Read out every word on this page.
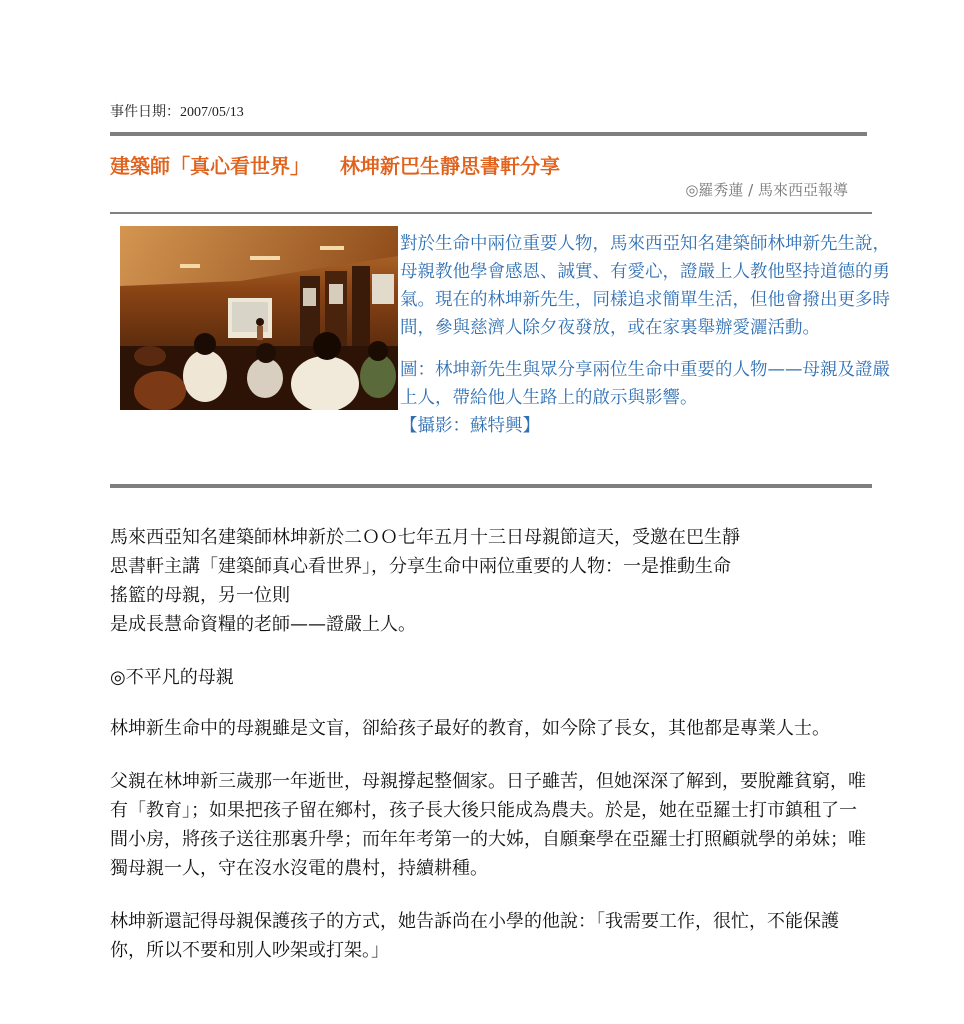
事件日期：2007/05/13
建築師「真心看世界」 林坤新巴生靜思書軒分享
◎羅秀蓮 / 馬來西亞報導

對於生命中兩位重要人物，馬來西亞知名建築師林坤新先生說，母親教他學會感恩、誠實、有愛心，證嚴上人教他堅持道德的勇氣。現在的林坤新先生，同樣追求簡單生活，但他會撥出更多時間，參與慈濟人除夕夜發放，或在家裏舉辦愛灑活動。

圖：林坤新先生與眾分享兩位生命中重要的人物——母親及證嚴上人，帶給他人生路上的啟示與影響。

【攝影：蘇特興】

馬來西亞知名建築師林坤新於二ＯＯ七年五月十三日母親節這天，受邀在巴生靜
思書軒主講「建築師真心看世界」，分享生命中兩位重要的人物：一是推動生命
搖籃的母親，另一位則
是成長慧命資糧的老師——證嚴上人。

◎不平凡的母親

林坤新生命中的母親雖是文盲，卻給孩子最好的教育，如今除了長女，其他都是專業人士。

父親在林坤新三歲那一年逝世，母親撐起整個家。日子雖苦，但她深深了解到，要脫離貧窮，唯有「教育」；如果把孩子留在鄉村，孩子長大後只能成為農夫。於是，她在亞羅士打市鎮租了一間小房，將孩子送往那裏升學；而年年考第一的大姊，自願棄學在亞羅士打照顧就學的弟妹；唯獨母親一人，守在沒水沒電的農村，持續耕種。

林坤新還記得母親保護孩子的方式，她告訴尚在小學的他說：「我需要工作，很忙，不能保護你，所以不要和別人吵架或打架。」
